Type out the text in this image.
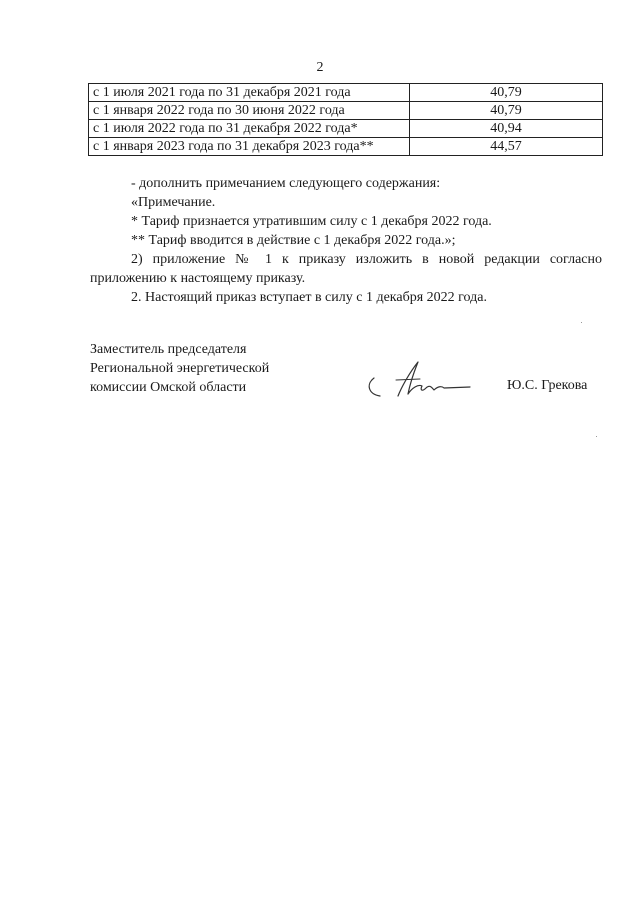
2
с 1 июля 2021 года по 31 декабря 2021 года	40,79
с 1 января 2022 года по 30 июня 2022 года	40,79
с 1 июля 2022 года по 31 декабря 2022 года*	40,94
с 1 января 2023 года по 31 декабря 2023 года**	44,57

- дополнить примечанием следующего содержания:

«Примечание.

* Тариф признается утратившим силу с 1 декабря 2022 года.

** Тариф вводится в действие с 1 декабря 2022 года.»;

2) приложение № 1 к приказу изложить в новой редакции согласно приложению к настоящему приказу.

2. Настоящий приказ вступает в силу с 1 декабря 2022 года.

Заместитель председателя
Региональной энергетической
комиссии Омской области	Ю.С. Грекова
